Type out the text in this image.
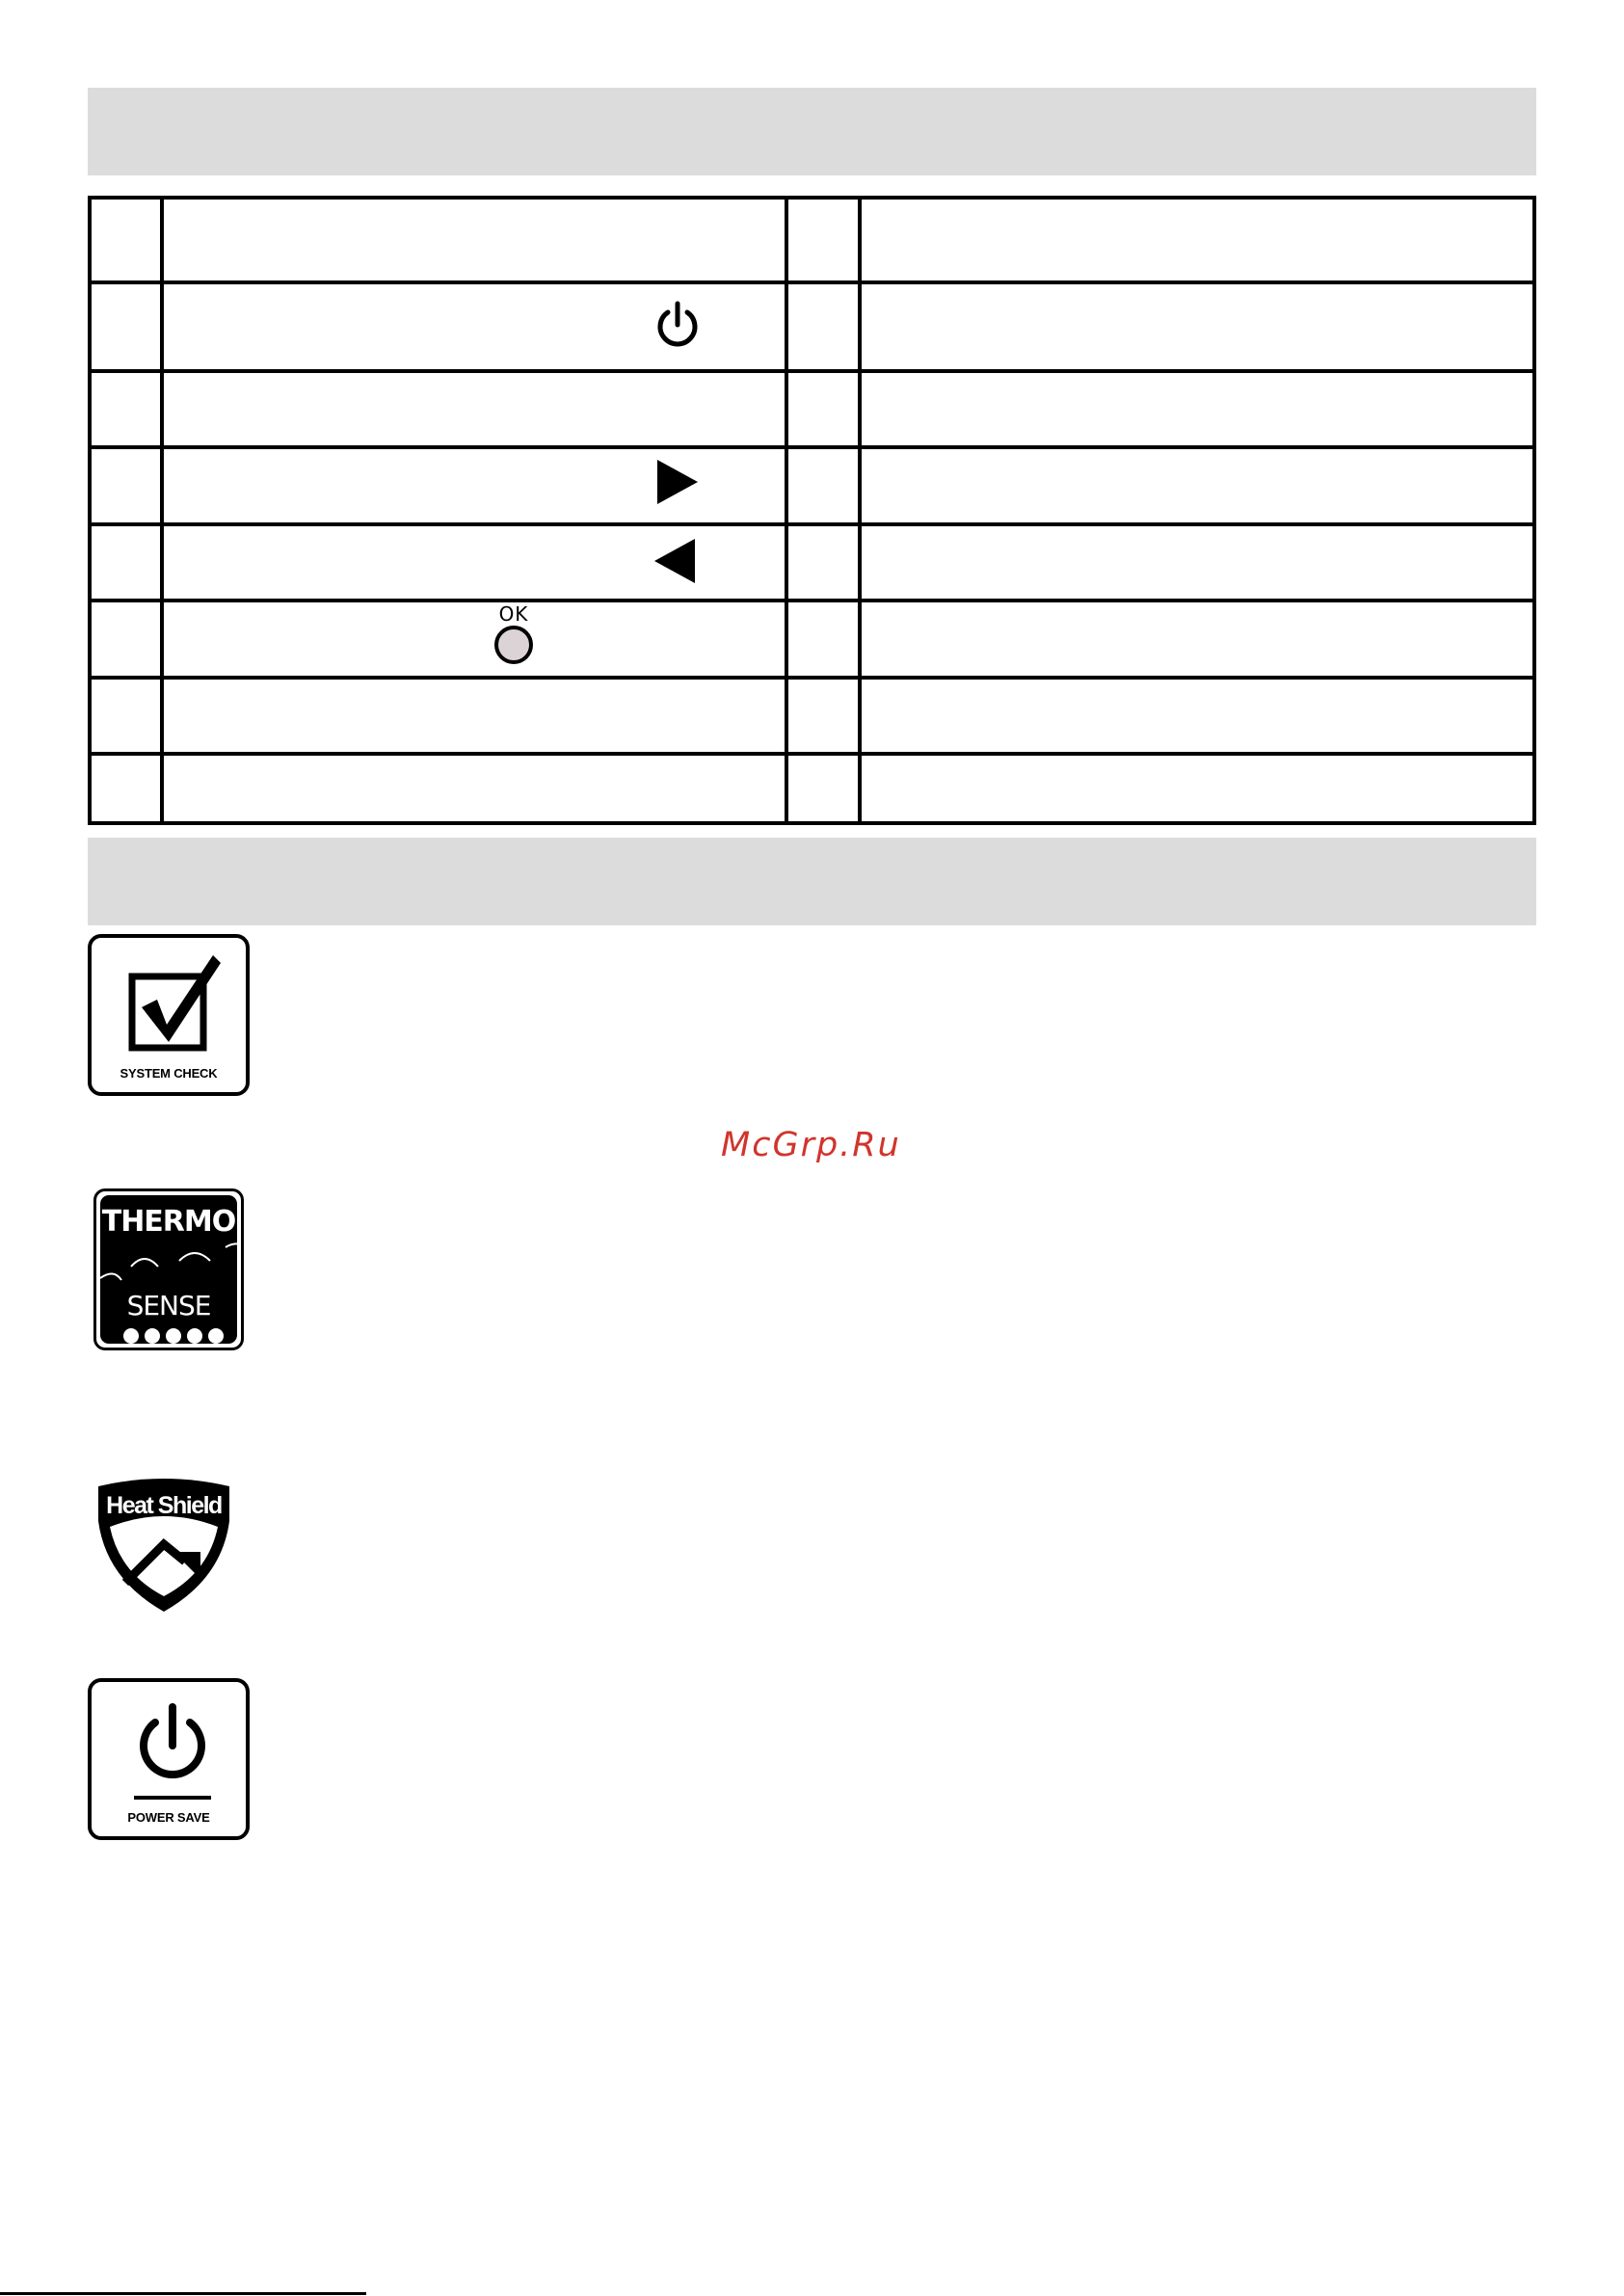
OK
SYSTEM CHECK
McGrp.Ru
THERMO
SENSE
Heat Shield
POWER SAVE
